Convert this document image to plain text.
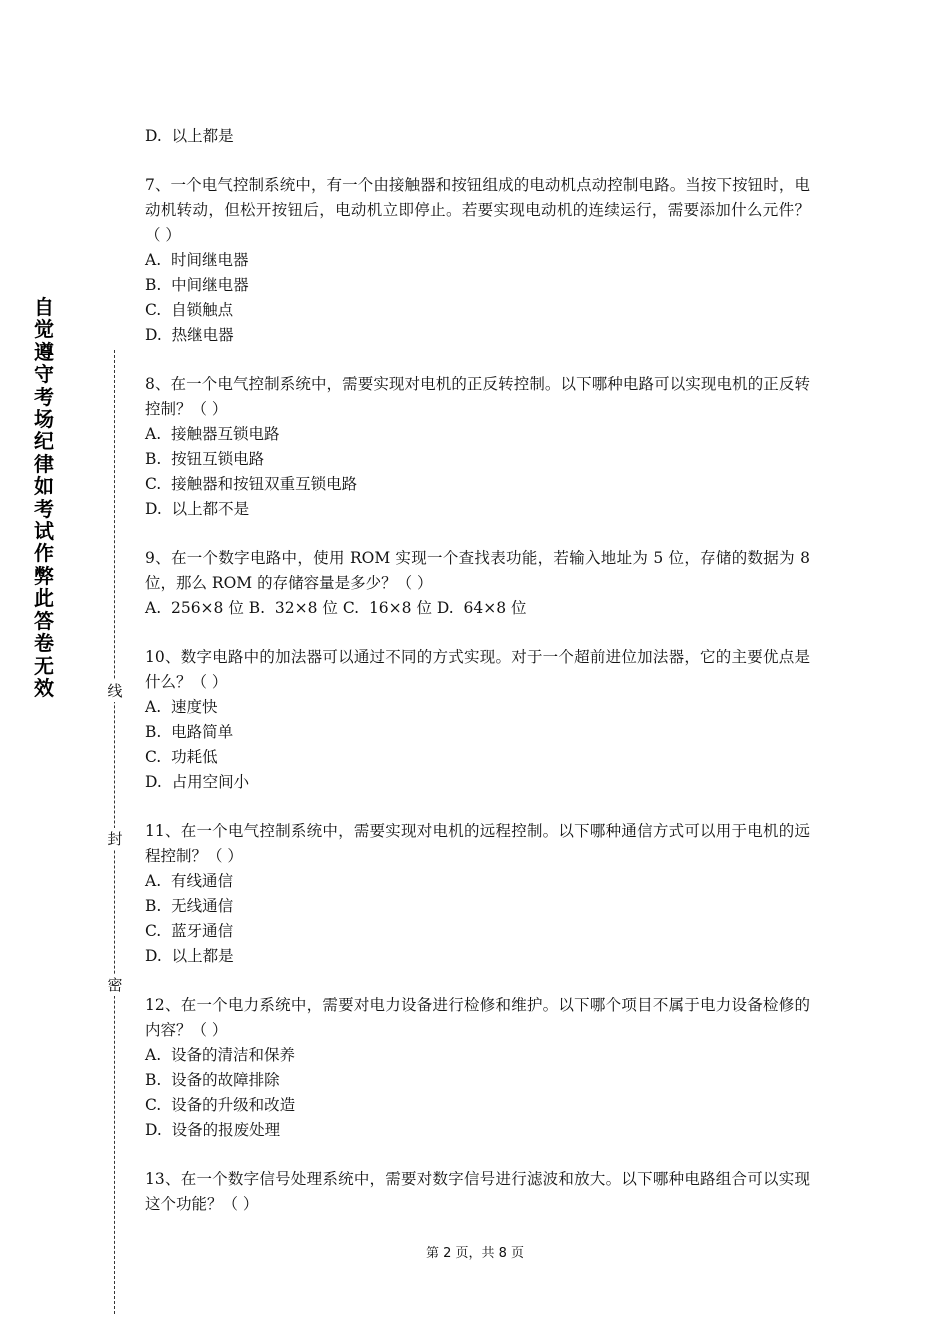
自
觉
遵
守
考
场
纪
律
如
考
试
作
弊
此
答
卷
无
效	线
封
密

D.  以上都是

7、一个电气控制系统中，有一个由接触器和按钮组成的电动机点动控制电路。当按下按钮时，电动机转动，但松开按钮后，电动机立即停止。若要实现电动机的连续运行，需要添加什么元件？（ ）

A.  时间继电器

B.  中间继电器

C.  自锁触点

D.  热继电器

8、在一个电气控制系统中，需要实现对电机的正反转控制。以下哪种电路可以实现电机的正反转控制？（ ）

A.  接触器互锁电路

B.  按钮互锁电路

C.  接触器和按钮双重互锁电路

D.  以上都不是

9、在一个数字电路中，使用 ROM 实现一个查找表功能，若输入地址为 5 位，存储的数据为 8 位，那么 ROM 的存储容量是多少？（ ）

A.  256×8 位 B.  32×8 位 C.  16×8 位 D.  64×8 位

10、数字电路中的加法器可以通过不同的方式实现。对于一个超前进位加法器，它的主要优点是什么？（ ）

A.  速度快

B.  电路简单

C.  功耗低

D.  占用空间小

11、在一个电气控制系统中，需要实现对电机的远程控制。以下哪种通信方式可以用于电机的远程控制？（ ）

A.  有线通信

B.  无线通信

C.  蓝牙通信

D.  以上都是

12、在一个电力系统中，需要对电力设备进行检修和维护。以下哪个项目不属于电力设备检修的内容？（ ）

A.  设备的清洁和保养

B.  设备的故障排除

C.  设备的升级和改造

D.  设备的报废处理

13、在一个数字信号处理系统中，需要对数字信号进行滤波和放大。以下哪种电路组合可以实现这个功能？（ ）

第 2 页，共 8 页
